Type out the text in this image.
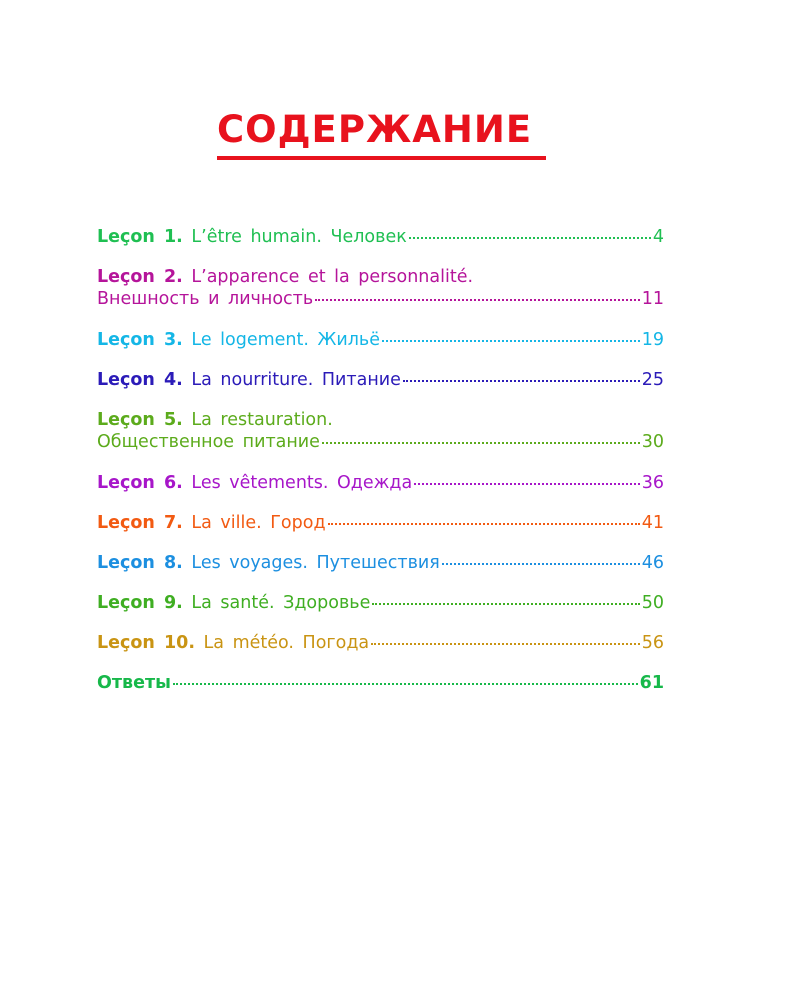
СОДЕРЖАНИЕ
Leçon 1.
L’être humain. Человек	4
Leçon 2.
L’apparence et la personnalité.
Внешность и личность	11
Leçon 3.
Le logement. Жильё	19
Leçon 4.
La nourriture. Питание	25
Leçon 5.
La restauration.
Общественное питание	30
Leçon 6.
Les vêtements. Одежда	36
Leçon 7.
La ville. Город	41
Leçon 8.
Les voyages. Путешествия	46
Leçon 9.
La santé. Здоровье	50
Leçon 10.
La météo. Погода	56
Ответы	61
